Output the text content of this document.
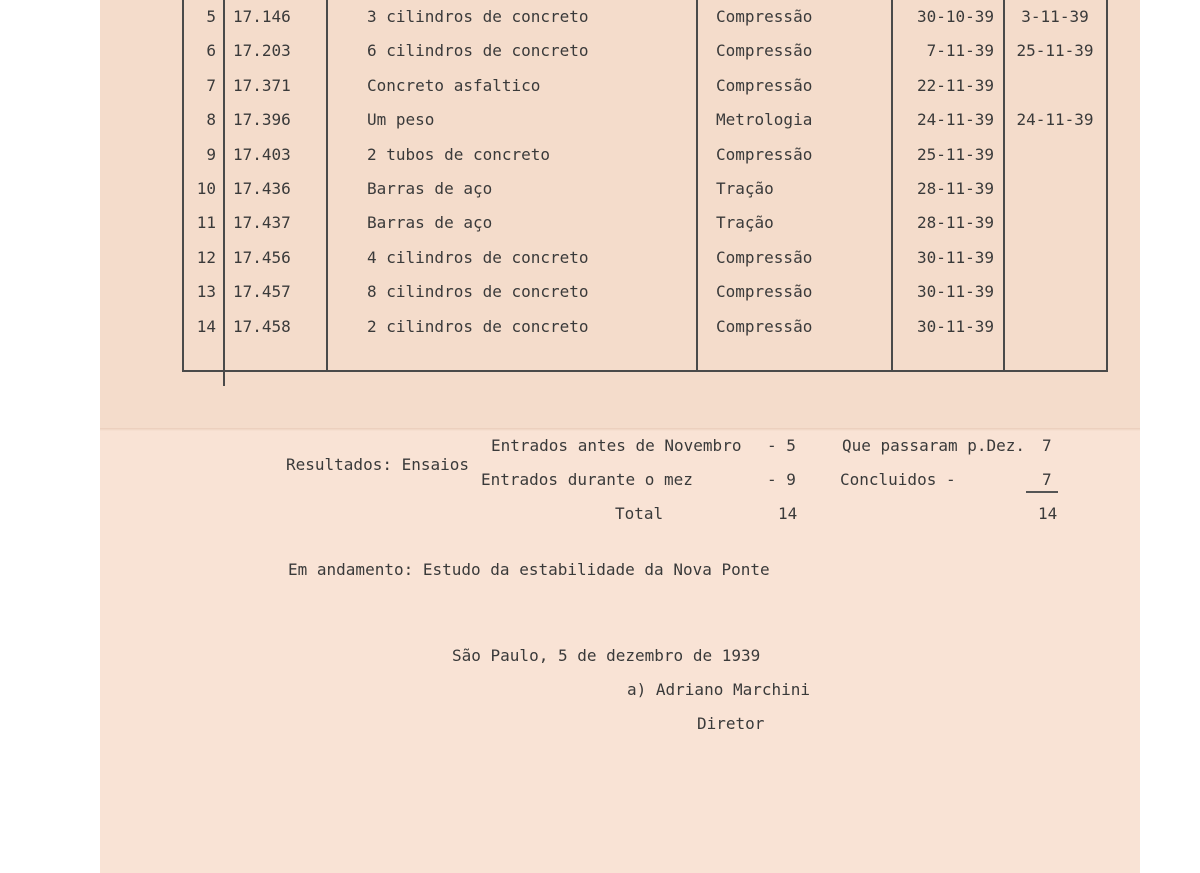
5 17.146	3 cilindros de concreto	Compressão	30-10-39	3-11-39
6 17.203	6 cilindros de concreto	Compressão	7-11-39	25-11-39
7 17.371	Concreto asfaltico	Compressão	22-11-39
8 17.396	Um peso	Metrologia	24-11-39	24-11-39
9 17.403	2 tubos de concreto	Compressão	25-11-39
10 17.436	Barras de aço	Tração	28-11-39
11 17.437	Barras de aço	Tração	28-11-39
12 17.456	4 cilindros de concreto	Compressão	30-11-39
13 17.457	8 cilindros de concreto	Compressão	30-11-39
14 17.458	2 cilindros de concreto	Compressão	30-11-39
Entrados antes de Novembro - 5	Que passaram p.Dez. 7
Resultados: Ensaios
Entrados durante o mez	- 9	Concluidos -	7
Total	14	14
Em andamento: Estudo da estabilidade da Nova Ponte
São Paulo, 5 de dezembro de 1939
a) Adriano Marchini
Diretor
